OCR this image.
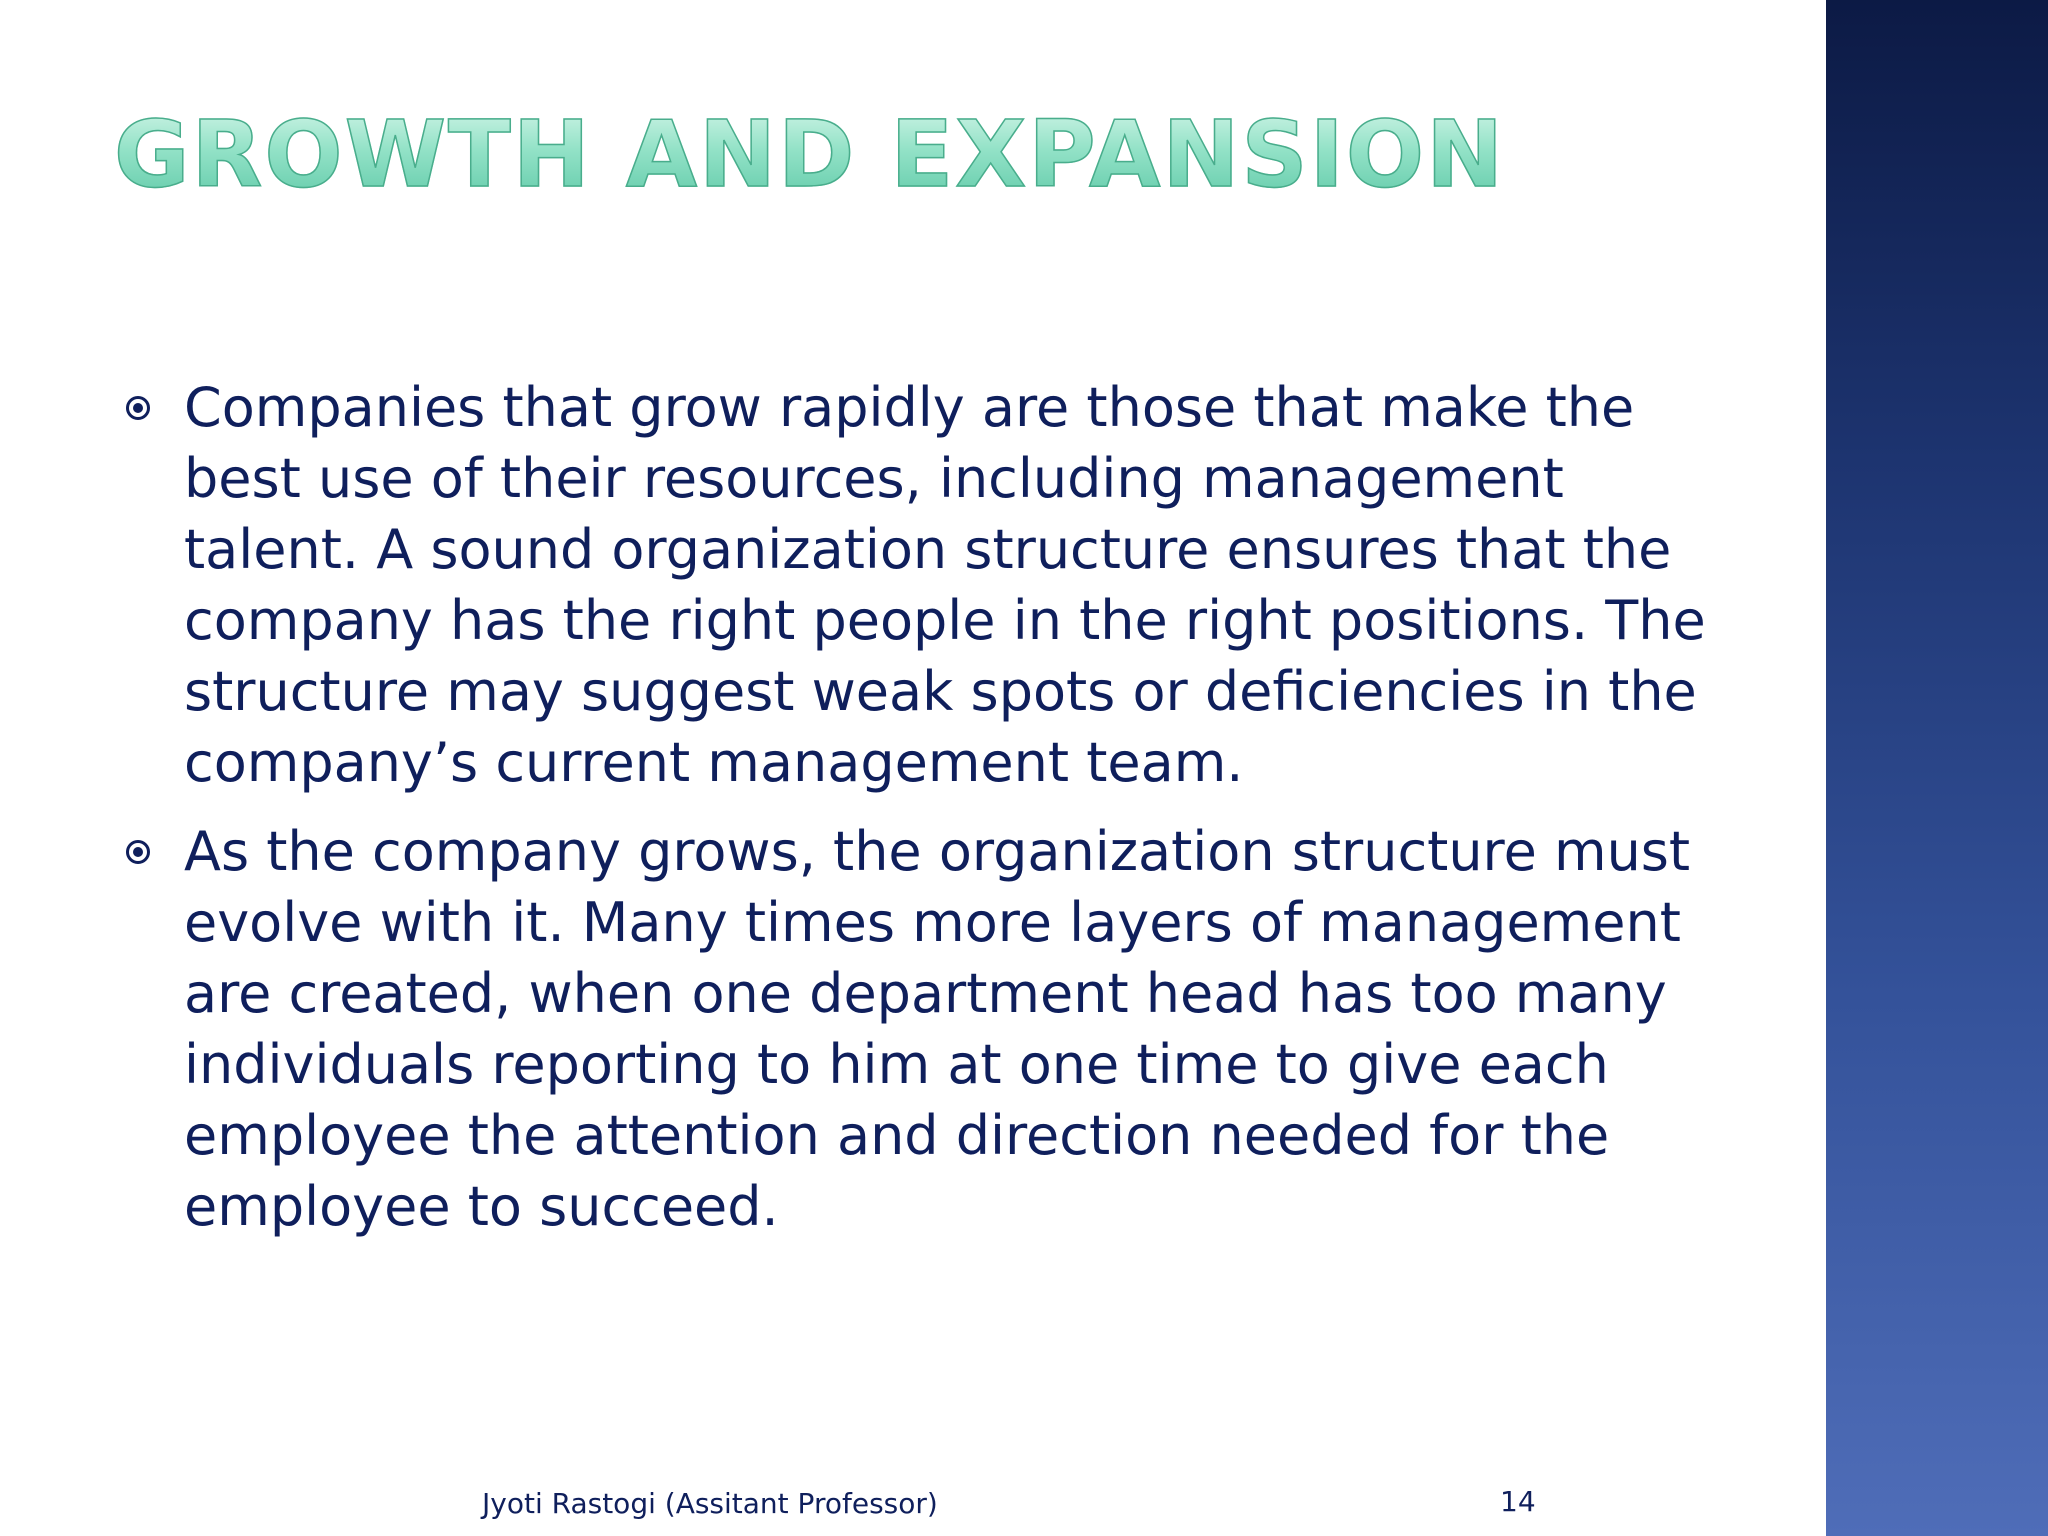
GROWTH AND EXPANSION
Companies that grow rapidly are those that make the best use of their resources, including management talent. A sound organization structure ensures that the company has the right people in the right positions. The structure may suggest weak spots or deficiencies in the company’s current management team.
As the company grows, the organization structure must evolve with it. Many times more layers of management are created, when one department head has too many individuals reporting to him at one time to give each employee the attention and direction needed for the employee to succeed.
Jyoti Rastogi (Assitant Professor)	14
